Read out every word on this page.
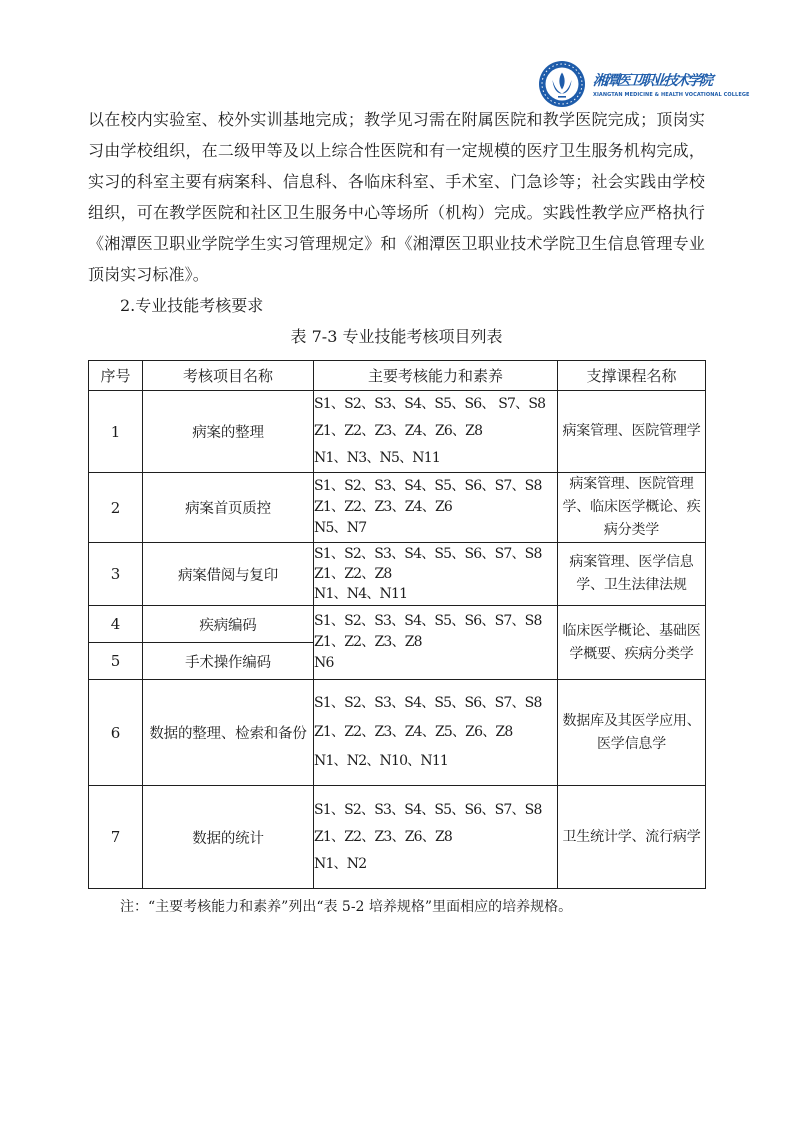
湘潭医卫职业技术学院
XIANGTAN MEDICINE & HEALTH VOCATIONAL COLLEGE

以在校内实验室、校外实训基地完成；教学见习需在附属医院和教学医院完成；顶岗实习由学校组织，在二级甲等及以上综合性医院和有一定规模的医疗卫生服务机构完成，实习的科室主要有病案科、信息科、各临床科室、手术室、门急诊等；社会实践由学校组织，可在教学医院和社区卫生服务中心等场所（机构）完成。实践性教学应严格执行《湘潭医卫职业学院学生实习管理规定》和《湘潭医卫职业技术学院卫生信息管理专业顶岗实习标准》。

2.专业技能考核要求

表 7-3 专业技能考核项目列表
序号	考核项目名称	主要考核能力和素养	支撑课程名称
1	病案的整理	S1、S2、S3、S4、S5、S6、 S7、S8
Z1、Z2、Z3、Z4、Z6、Z8
N1、N3、N5、N11	病案管理、医院管理学
2	病案首页质控	S1、S2、S3、S4、S5、S6、S7、S8
Z1、Z2、Z3、Z4、Z6
N5、N7	病案管理、医院管理学、临床医学概论、疾病分类学
3	病案借阅与复印	S1、S2、S3、S4、S5、S6、S7、S8
Z1、Z2、Z8
N1、N4、N11	病案管理、医学信息学、卫生法律法规
4	疾病编码	S1、S2、S3、S4、S5、S6、S7、S8
Z1、Z2、Z3、Z8
N6	临床医学概论、基础医学概要、疾病分类学
5	手术操作编码		
6	数据的整理、检索和备份	S1、S2、S3、S4、S5、S6、S7、S8
Z1、Z2、Z3、Z4、Z5、Z6、Z8
N1、N2、N10、N11	数据库及其医学应用、医学信息学
7	数据的统计	S1、S2、S3、S4、S5、S6、S7、S8
Z1、Z2、Z3、Z6、Z8
N1、N2	卫生统计学、流行病学

注：“主要考核能力和素养”列出“表 5-2 培养规格”里面相应的培养规格。
